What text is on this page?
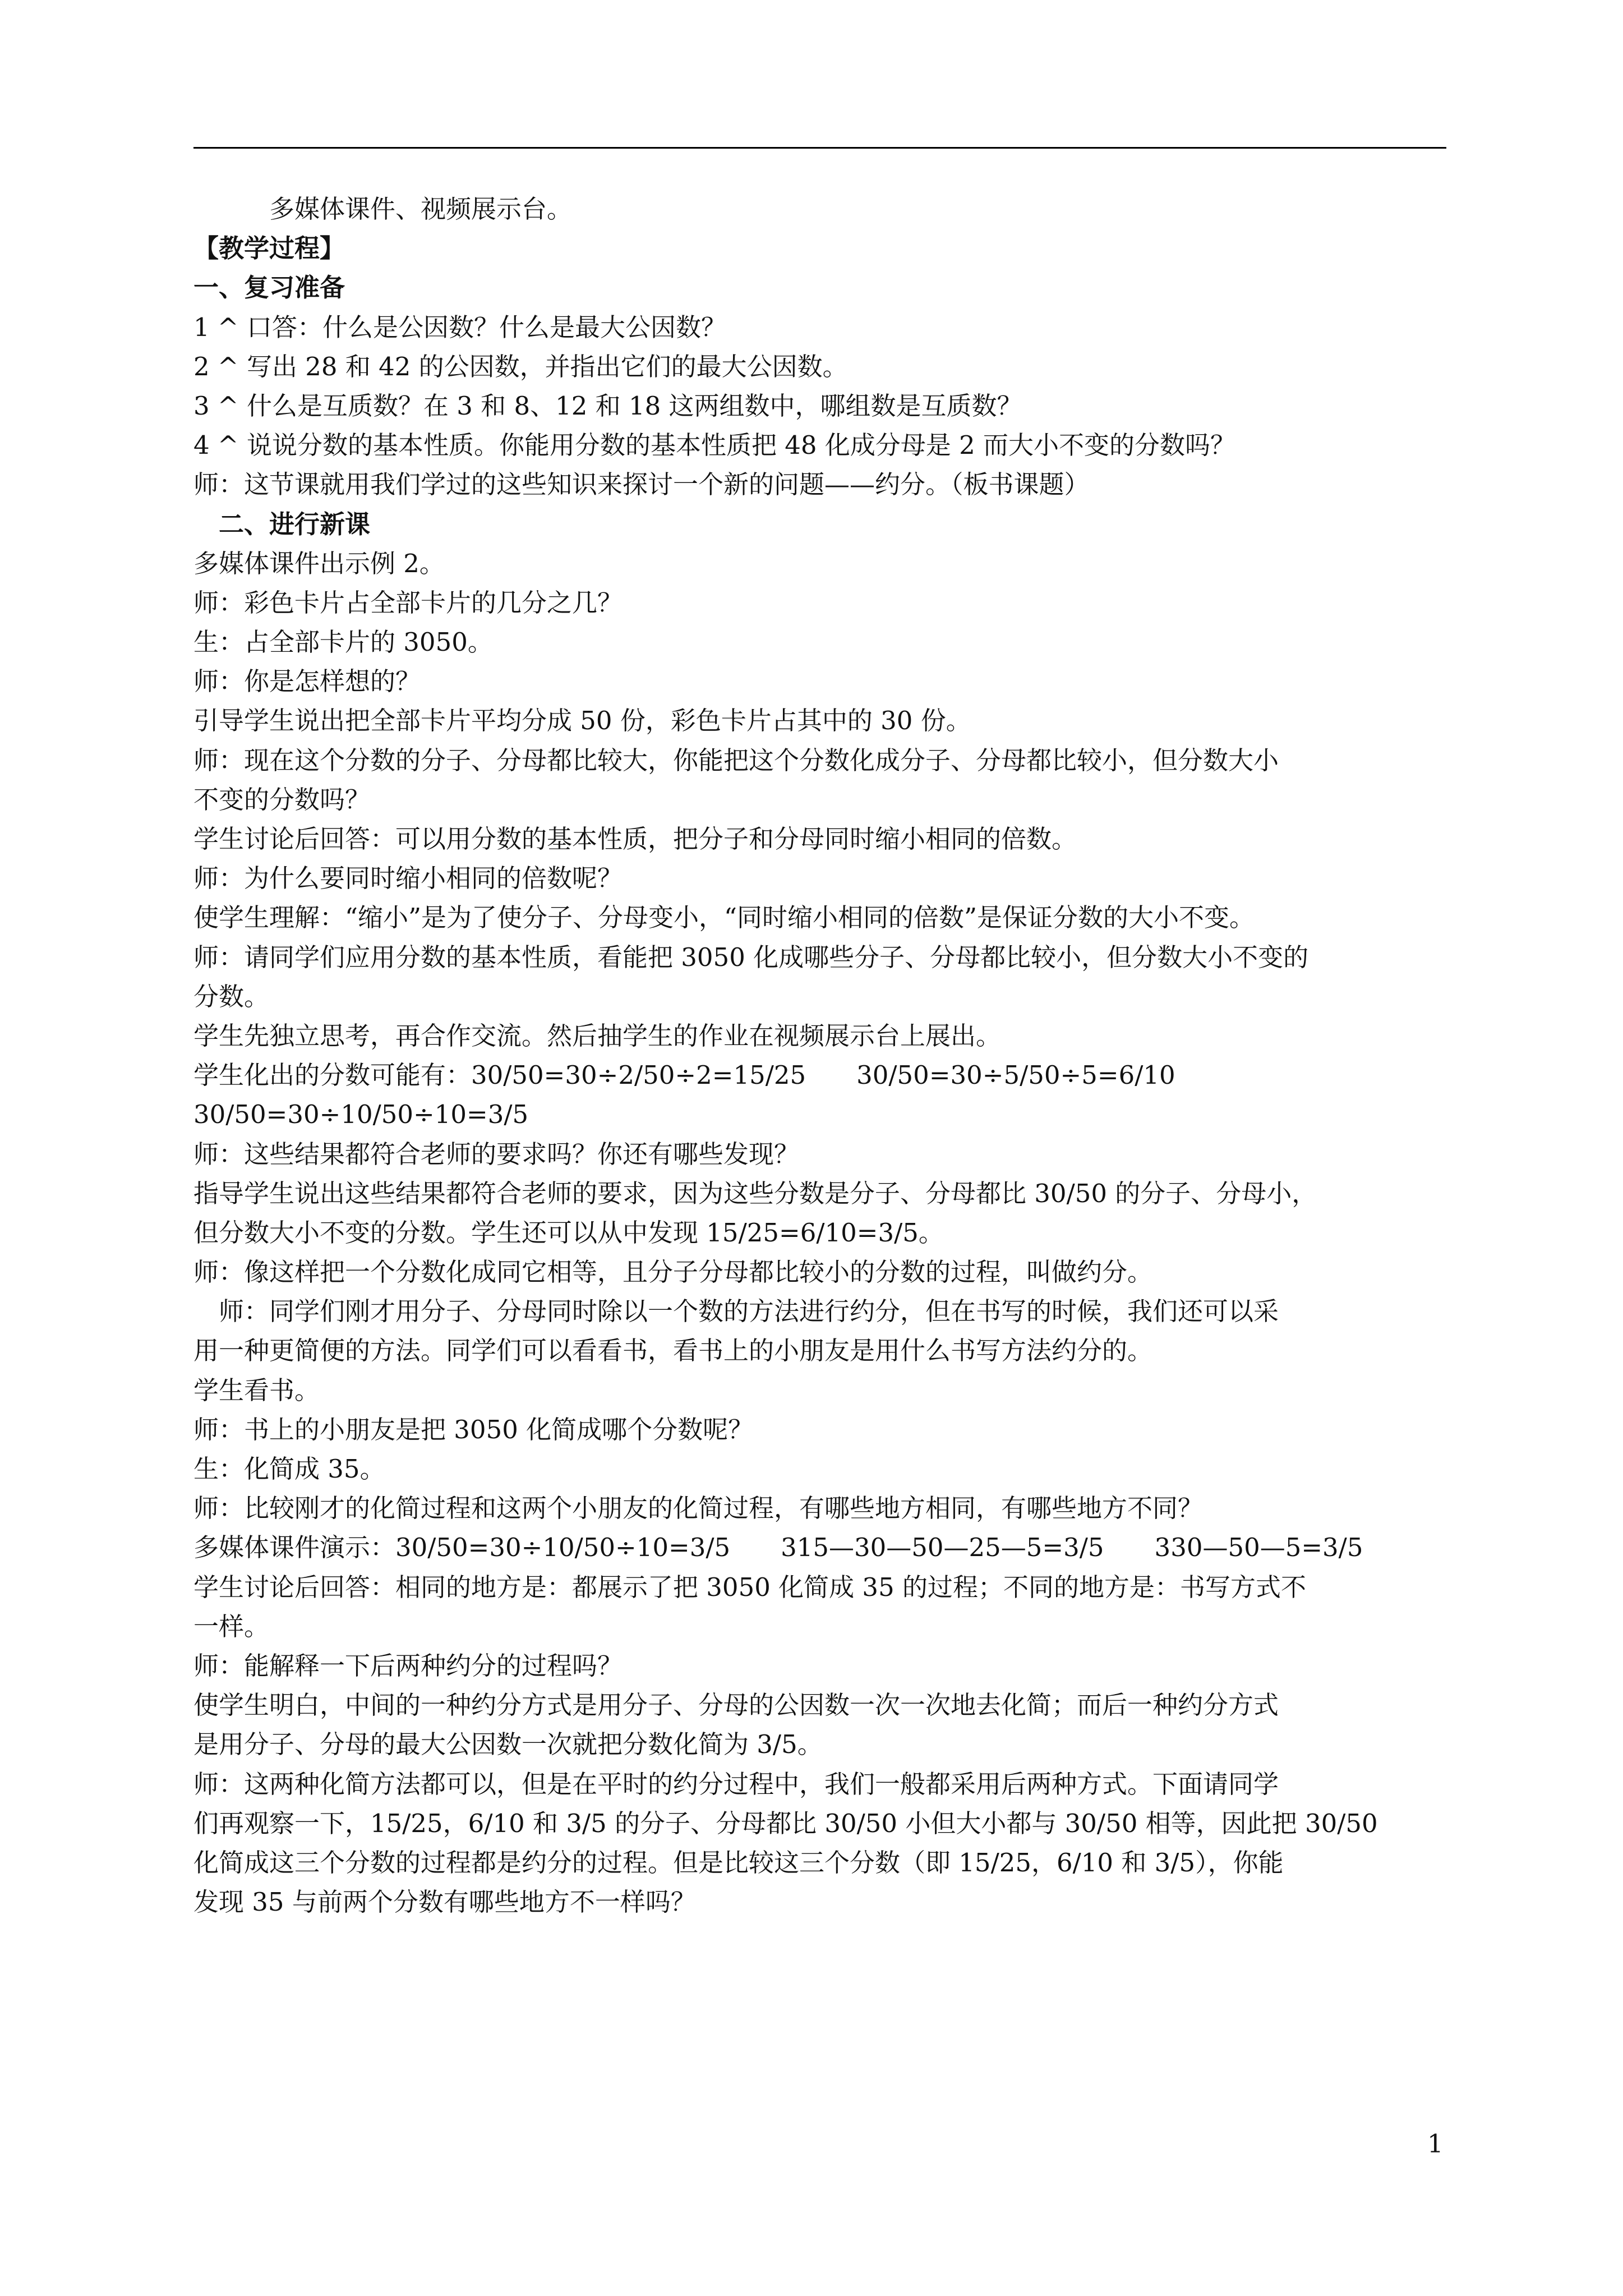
　　　多媒体课件、视频展示台。
【教学过程】
一、复习准备
1 ^ 口答：什么是公因数？什么是最大公因数？
2 ^ 写出 28 和 42 的公因数，并指出它们的最大公因数。
3 ^ 什么是互质数？在 3 和 8、12 和 18 这两组数中，哪组数是互质数？
4 ^ 说说分数的基本性质。你能用分数的基本性质把 48 化成分母是 2 而大小不变的分数吗？
师：这节课就用我们学过的这些知识来探讨一个新的问题——约分。（板书课题）
　二、进行新课
多媒体课件出示例 2。
师：彩色卡片占全部卡片的几分之几？
生：占全部卡片的 3050。
师：你是怎样想的？
引导学生说出把全部卡片平均分成 50 份，彩色卡片占其中的 30 份。
师：现在这个分数的分子、分母都比较大，你能把这个分数化成分子、分母都比较小，但分数大小
不变的分数吗？
学生讨论后回答：可以用分数的基本性质，把分子和分母同时缩小相同的倍数。
师：为什么要同时缩小相同的倍数呢？
使学生理解：“缩小”是为了使分子、分母变小，“同时缩小相同的倍数”是保证分数的大小不变。
师：请同学们应用分数的基本性质，看能把 3050 化成哪些分子、分母都比较小，但分数大小不变的
分数。
学生先独立思考，再合作交流。然后抽学生的作业在视频展示台上展出。
学生化出的分数可能有：30/50=30÷2/50÷2=15/25　　30/50=30÷5/50÷5=6/10
30/50=30÷10/50÷10=3/5
师：这些结果都符合老师的要求吗？你还有哪些发现？
指导学生说出这些结果都符合老师的要求，因为这些分数是分子、分母都比 30/50 的分子、分母小，
但分数大小不变的分数。学生还可以从中发现 15/25=6/10=3/5。
师：像这样把一个分数化成同它相等，且分子分母都比较小的分数的过程，叫做约分。
　师：同学们刚才用分子、分母同时除以一个数的方法进行约分，但在书写的时候，我们还可以采
用一种更简便的方法。同学们可以看看书，看书上的小朋友是用什么书写方法约分的。
学生看书。
师：书上的小朋友是把 3050 化简成哪个分数呢？
生：化简成 35。
师：比较刚才的化简过程和这两个小朋友的化简过程，有哪些地方相同，有哪些地方不同？
多媒体课件演示：30/50=30÷10/50÷10=3/5　　315—30—50—25—5=3/5　　330—50—5=3/5
学生讨论后回答：相同的地方是：都展示了把 3050 化简成 35 的过程；不同的地方是：书写方式不
一样。
师：能解释一下后两种约分的过程吗？
使学生明白，中间的一种约分方式是用分子、分母的公因数一次一次地去化简；而后一种约分方式
是用分子、分母的最大公因数一次就把分数化简为 3/5。
师：这两种化简方法都可以，但是在平时的约分过程中，我们一般都采用后两种方式。下面请同学
们再观察一下，15/25，6/10 和 3/5 的分子、分母都比 30/50 小但大小都与 30/50 相等，因此把 30/50
化简成这三个分数的过程都是约分的过程。但是比较这三个分数（即 15/25，6/10 和 3/5），你能
发现 35 与前两个分数有哪些地方不一样吗？
1
